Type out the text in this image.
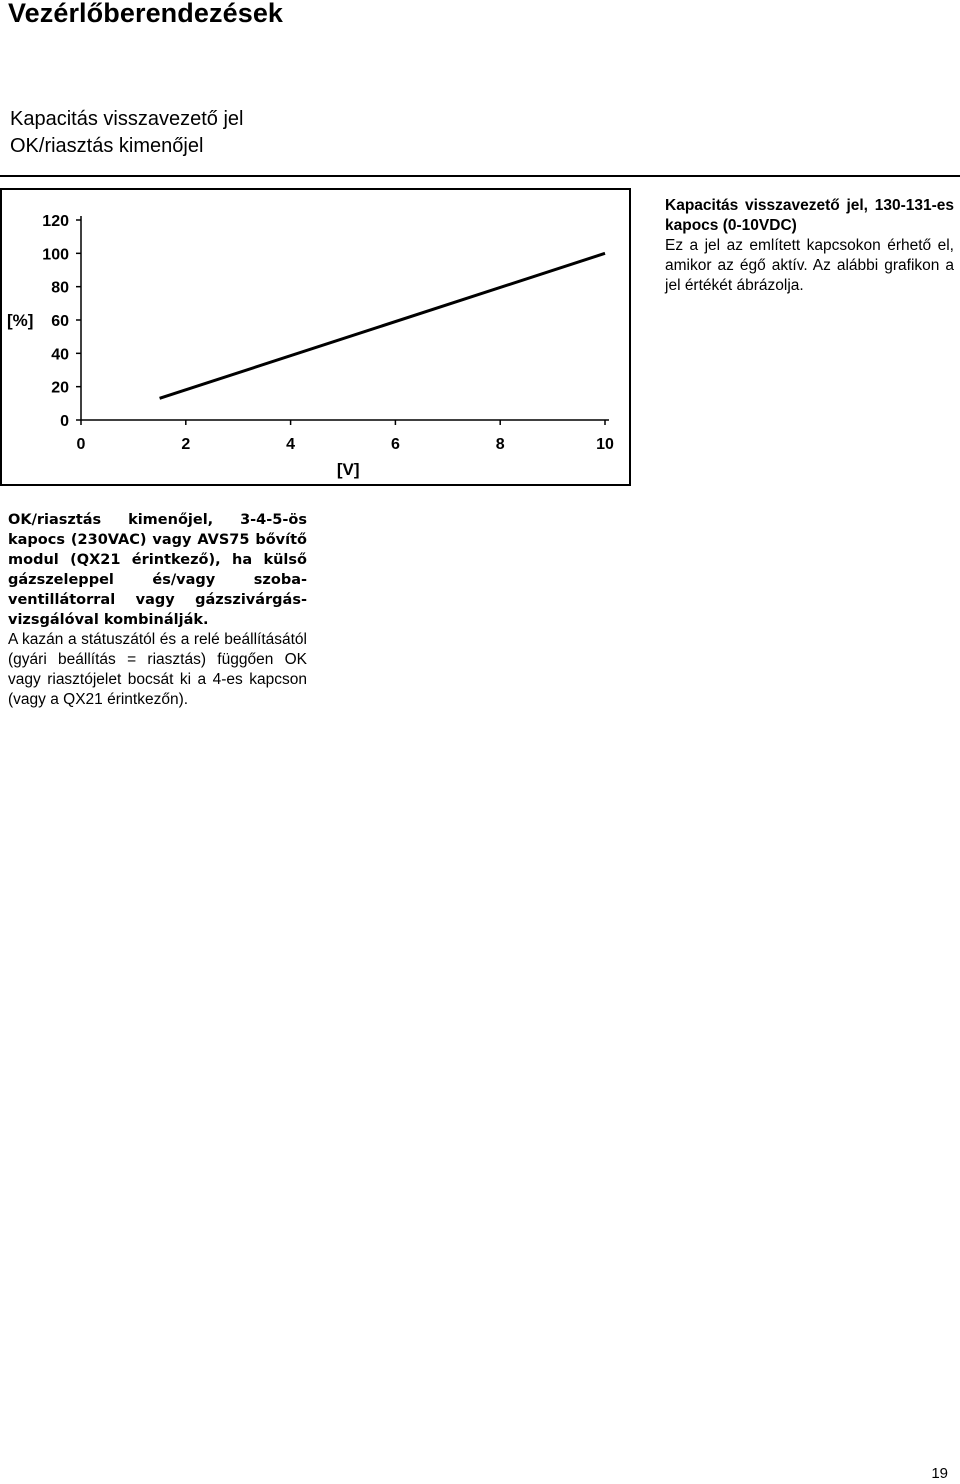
Vezérlőberendezések
Kapacitás visszavezető jel
OK/riasztás kimenőjel
0
20
40
60
80
100
120
0	2	4	6	8	10
[%]
[V]
Kapacitás visszavezető jel, 130-131-es kapocs (0-10VDC)
Ez a jel az említett kapcsokon érhető el, amikor az égő aktív. Az alábbi grafikon a jel értékét ábrázolja.
OK/riasztás kimenőjel, 3-4-5-ös kapocs (230VAC) vagy AVS75 bővítő modul (QX21 érintkező), ha külső gázszeleppel és/vagy szoba-ventillátorral vagy gázszivárgás-vizsgálóval kombinálják.
A kazán a státuszától és a relé beállításától (gyári beállítás = riasztás) függően OK vagy riasztójelet bocsát ki a 4-es kapcson (vagy a QX21 érintkezőn).
19
